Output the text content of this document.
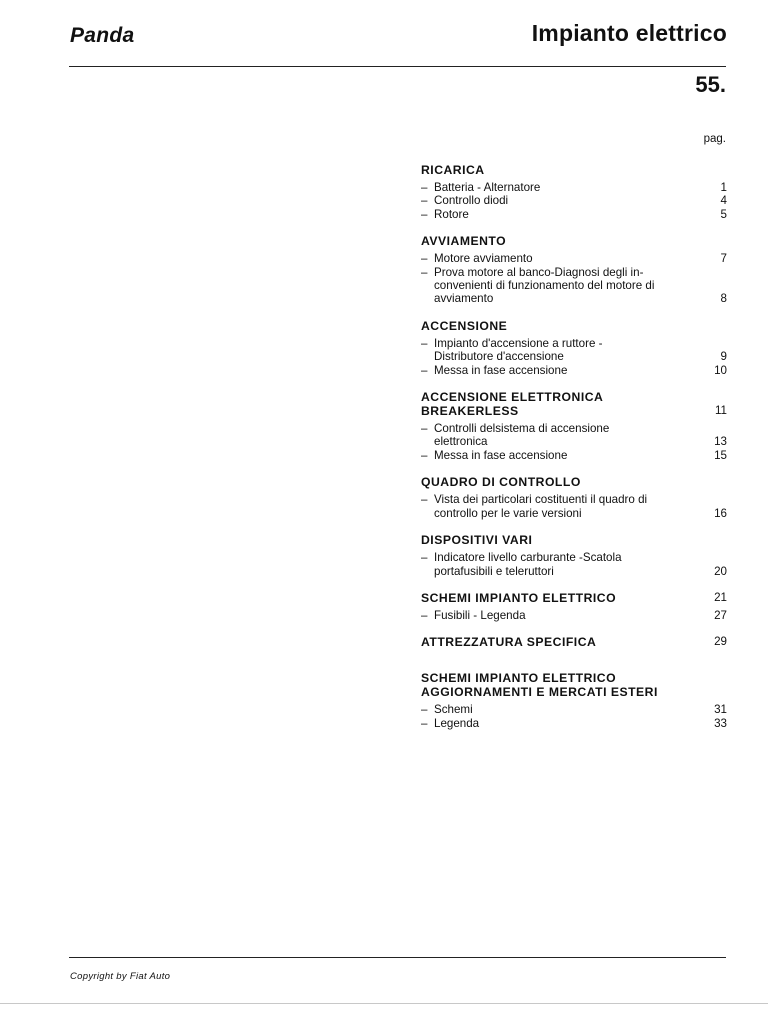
Panda	Impianto elettrico
55.
pag.
RICARICA
– Batteria - Alternatore	1
– Controllo diodi	4
– Rotore	5
AVVIAMENTO
– Motore avviamento	7
– Prova motore al banco-Diagnosi degli in-
convenienti di funzionamento del motore di
avviamento	8
ACCENSIONE
– Impianto d'accensione a ruttore -
Distributore d'accensione	9
– Messa in fase accensione	10
ACCENSIONE ELETTRONICA
BREAKERLESS	11
– Controlli delsistema di accensione
elettronica	13
– Messa in fase accensione	15
QUADRO DI CONTROLLO
– Vista dei particolari costituenti il quadro di
controllo per le varie versioni	16
DISPOSITIVI VARI
– Indicatore livello carburante -Scatola
portafusibili e teleruttori	20
SCHEMI IMPIANTO ELETTRICO	21
– Fusibili - Legenda	27
ATTREZZATURA SPECIFICA	29
SCHEMI IMPIANTO ELETTRICO
AGGIORNAMENTI E MERCATI ESTERI
– Schemi	31
– Legenda	33
Copyright by Fiat Auto
